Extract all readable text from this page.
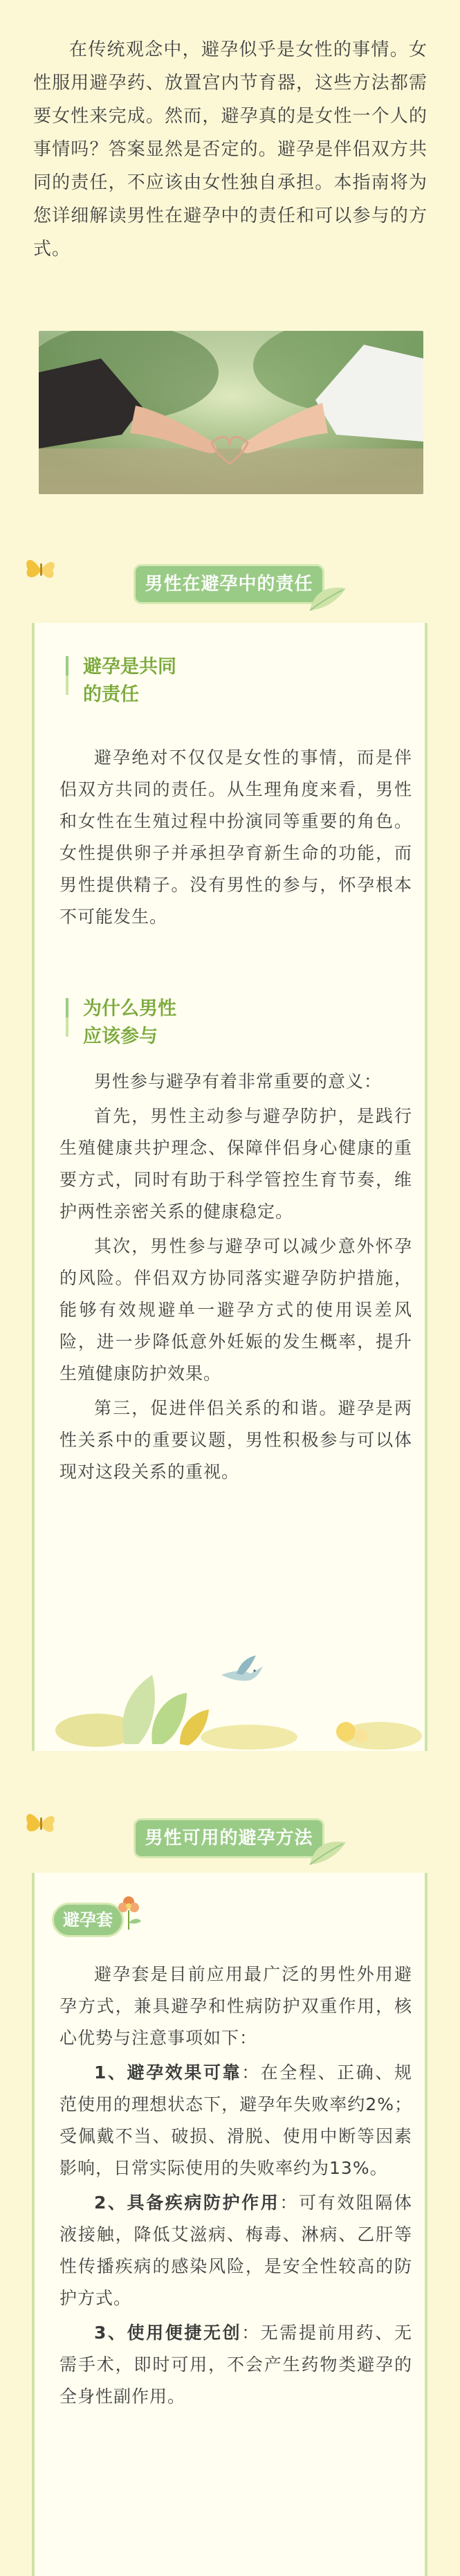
在传统观念中，避孕似乎是女性的事情。女性服用避孕药、放置宫内节育器，这些方法都需要女性来完成。然而，避孕真的是女性一个人的事情吗？答案显然是否定的。避孕是伴侣双方共同的责任，不应该由女性独自承担。本指南将为您详细解读男性在避孕中的责任和可以参与的方式。

男性在避孕中的责任
避孕是共同
的责任

避孕绝对不仅仅是女性的事情，而是伴侣双方共同的责任。从生理角度来看，男性和女性在生殖过程中扮演同等重要的角色。女性提供卵子并承担孕育新生命的功能，而男性提供精子。没有男性的参与，怀孕根本不可能发生。

为什么男性
应该参与

男性参与避孕有着非常重要的意义：

首先，男性主动参与避孕防护，是践行生殖健康共护理念、保障伴侣身心健康的重要方式，同时有助于科学管控生育节奏，维护两性亲密关系的健康稳定。

其次，男性参与避孕可以减少意外怀孕的风险。伴侣双方协同落实避孕防护措施，能够有效规避单一避孕方式的使用误差风险，进一步降低意外妊娠的发生概率，提升生殖健康防护效果。

第三，促进伴侣关系的和谐。避孕是两性关系中的重要议题，男性积极参与可以体现对这段关系的重视。

男性可用的避孕方法
避孕套

避孕套是目前应用最广泛的男性外用避孕方式，兼具避孕和性病防护双重作用，核心优势与注意事项如下：

1、避孕效果可靠：在全程、正确、规范使用的理想状态下，避孕年失败率约2%；受佩戴不当、破损、滑脱、使用中断等因素影响，日常实际使用的失败率约为13%。

2、具备疾病防护作用：可有效阻隔体液接触，降低艾滋病、梅毒、淋病、乙肝等性传播疾病的感染风险，是安全性较高的防护方式。

3、使用便捷无创：无需提前用药、无需手术，即时可用，不会产生药物类避孕的全身性副作用。
